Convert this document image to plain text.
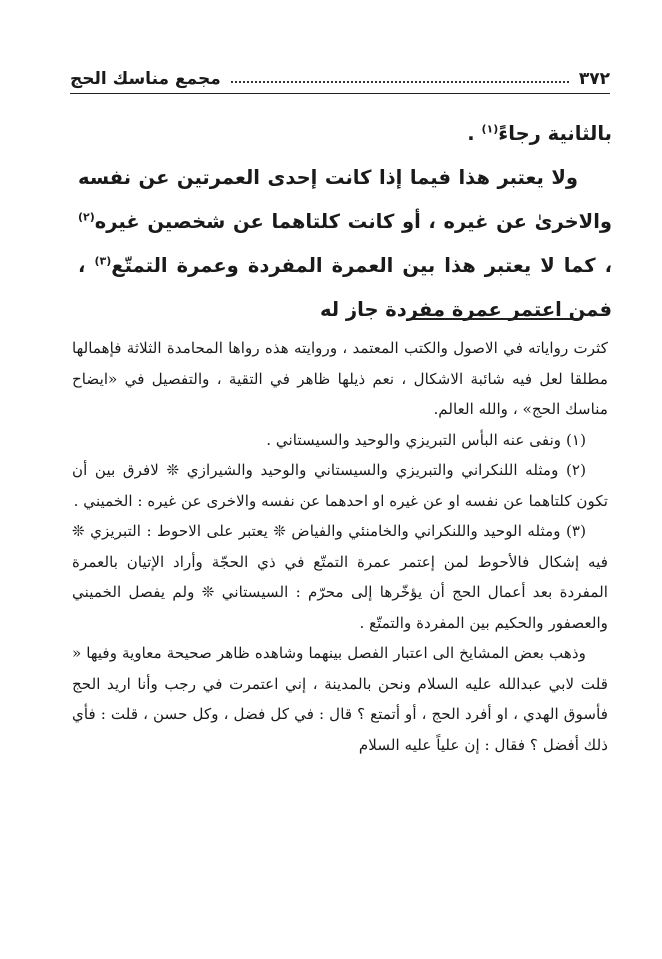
٣٧٢
مجمع مناسك الحج

بالثانية رجاءً$^{(١)}$ .

ولا يعتبر هذا فيما إذا كانت إحدى العمرتين عن نفسه والاخرىٰ عن غيره ، أو كانت كلتاهما عن شخصين غيره$^{(٢)}$ ، كما لا يعتبر هذا بين العمرة المفردة وعمرة التمتّع$^{(٣)}$ ، فمن اعتمر عمرة مفردة جاز له

كثرت رواياته في الاصول والكتب المعتمد ، وروايته هذه رواها المحامدة الثلاثة فإهمالها مطلقا لعل فيه شائبة الاشكال ، نعم ذيلها ظاهر في التقية ، والتفصيل في «ايضاح مناسك الحج» ، والله العالم.

(١) ونفى عنه البأس التبريزي والوحيد والسيستاني .

(٢) ومثله اللنكراني والتبريزي والسيستاني والوحيد والشيرازي ❊ لافرق بين أن تكون كلتاهما عن نفسه او عن غيره او احدهما عن نفسه والاخرى عن غيره : الخميني .

(٣) ومثله الوحيد واللنكراني والخامنئي والفياض ❊ يعتبر على الاحوط : التبريزي ❊ فيه إشكال فالأحوط لمن إعتمر عمرة التمتّع في ذي الحجّة وأراد الإتيان بالعمرة المفردة بعد أعمال الحج أن يؤخّرها إلى محرّم : السيستاني ❊ ولم يفصل الخميني والعصفور والحكيم بين المفردة والتمتّع .

وذهب بعض المشايخ الى اعتبار الفصل بينهما وشاهده ظاهر صحيحة معاوية وفيها « قلت لابي عبدالله عليه السلام ونحن بالمدينة ، إني اعتمرت في رجب وأنا اريد الحج فأسوق الهدي ، او أفرد الحج ، أو أتمتع ؟ قال : في كل فضل ، وكل حسن ، قلت : فأي ذلك أفضل ؟ فقال : إن علياً عليه السلام
